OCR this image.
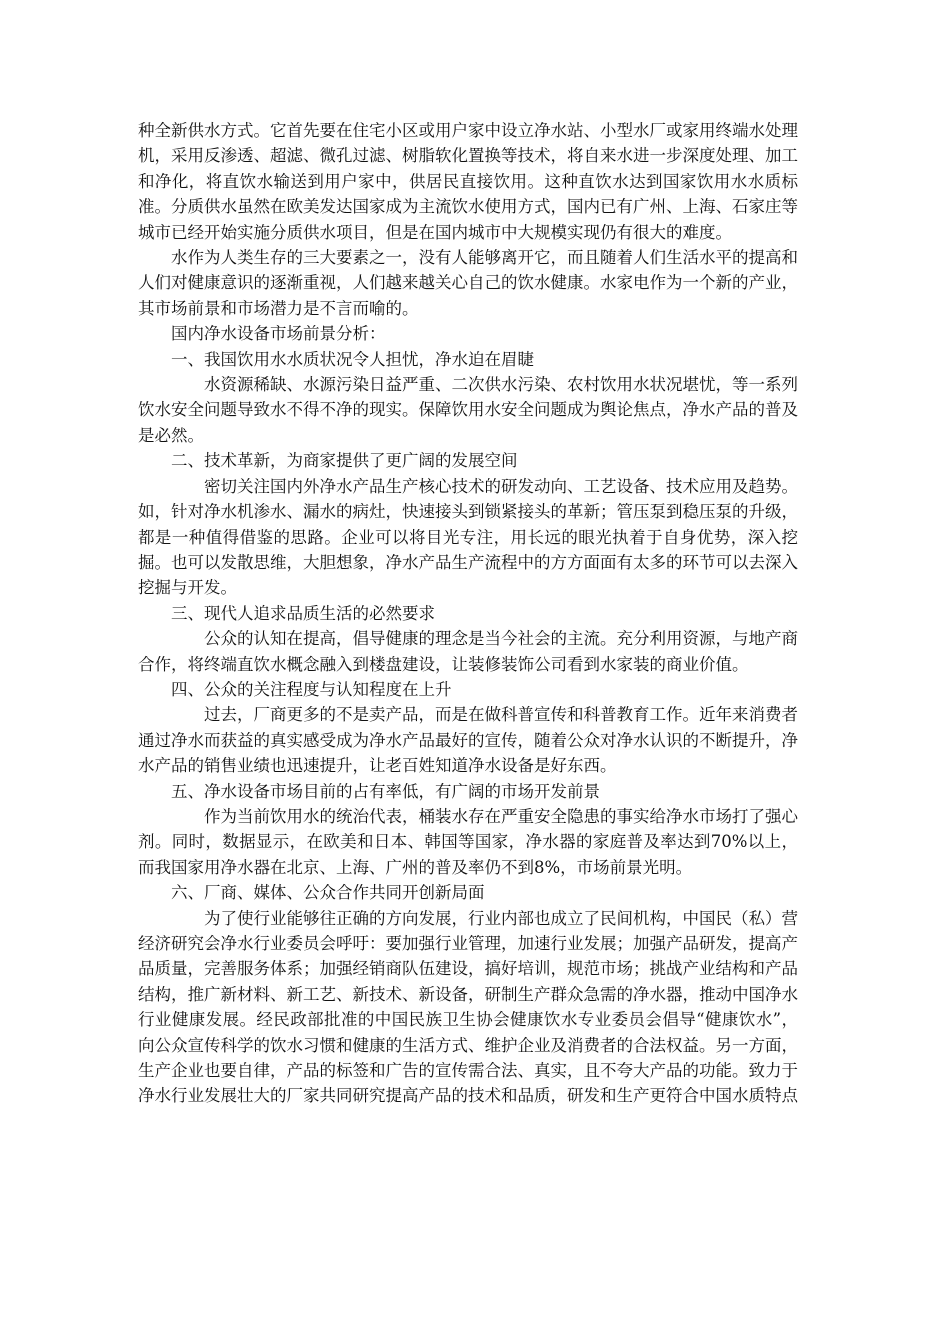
种全新供水方式。它首先要在住宅小区或用户家中设立净水站、小型水厂或家用终端水处理机，采用反渗透、超滤、微孔过滤、树脂软化置换等技术，将自来水进一步深度处理、加工和净化，将直饮水输送到用户家中，供居民直接饮用。这种直饮水达到国家饮用水水质标准。分质供水虽然在欧美发达国家成为主流饮水使用方式，国内已有广州、上海、石家庄等城市已经开始实施分质供水项目，但是在国内城市中大规模实现仍有很大的难度。

水作为人类生存的三大要素之一，没有人能够离开它，而且随着人们生活水平的提高和人们对健康意识的逐渐重视，人们越来越关心自己的饮水健康。水家电作为一个新的产业，其市场前景和市场潜力是不言而喻的。

国内净水设备市场前景分析：

一、我国饮用水水质状况令人担忧，净水迫在眉睫

水资源稀缺、水源污染日益严重、二次供水污染、农村饮用水状况堪忧，等一系列饮水安全问题导致水不得不净的现实。保障饮用水安全问题成为舆论焦点，净水产品的普及是必然。

二、技术革新，为商家提供了更广阔的发展空间

密切关注国内外净水产品生产核心技术的研发动向、工艺设备、技术应用及趋势。如，针对净水机渗水、漏水的病灶，快速接头到锁紧接头的革新；管压泵到稳压泵的升级，都是一种值得借鉴的思路。企业可以将目光专注，用长远的眼光执着于自身优势，深入挖掘。也可以发散思维，大胆想象，净水产品生产流程中的方方面面有太多的环节可以去深入挖掘与开发。

三、现代人追求品质生活的必然要求

公众的认知在提高，倡导健康的理念是当今社会的主流。充分利用资源，与地产商合作，将终端直饮水概念融入到楼盘建设，让装修装饰公司看到水家装的商业价值。

四、公众的关注程度与认知程度在上升

过去，厂商更多的不是卖产品，而是在做科普宣传和科普教育工作。近年来消费者通过净水而获益的真实感受成为净水产品最好的宣传，随着公众对净水认识的不断提升，净水产品的销售业绩也迅速提升，让老百姓知道净水设备是好东西。

五、净水设备市场目前的占有率低，有广阔的市场开发前景

作为当前饮用水的统治代表，桶装水存在严重安全隐患的事实给净水市场打了强心剂。同时，数据显示，在欧美和日本、韩国等国家，净水器的家庭普及率达到70%以上，而我国家用净水器在北京、上海、广州的普及率仍不到8%，市场前景光明。

六、厂商、媒体、公众合作共同开创新局面

为了使行业能够往正确的方向发展，行业内部也成立了民间机构，中国民（私）营经济研究会净水行业委员会呼吁：要加强行业管理，加速行业发展；加强产品研发，提高产品质量，完善服务体系；加强经销商队伍建设，搞好培训，规范市场；挑战产业结构和产品结构，推广新材料、新工艺、新技术、新设备，研制生产群众急需的净水器，推动中国净水行业健康发展。经民政部批准的中国民族卫生协会健康饮水专业委员会倡导“健康饮水”，向公众宣传科学的饮水习惯和健康的生活方式、维护企业及消费者的合法权益。另一方面，生产企业也要自律，产品的标签和广告的宣传需合法、真实，且不夸大产品的功能。致力于净水行业发展壮大的厂家共同研究提高产品的技术和品质，研发和生产更符合中国水质特点
